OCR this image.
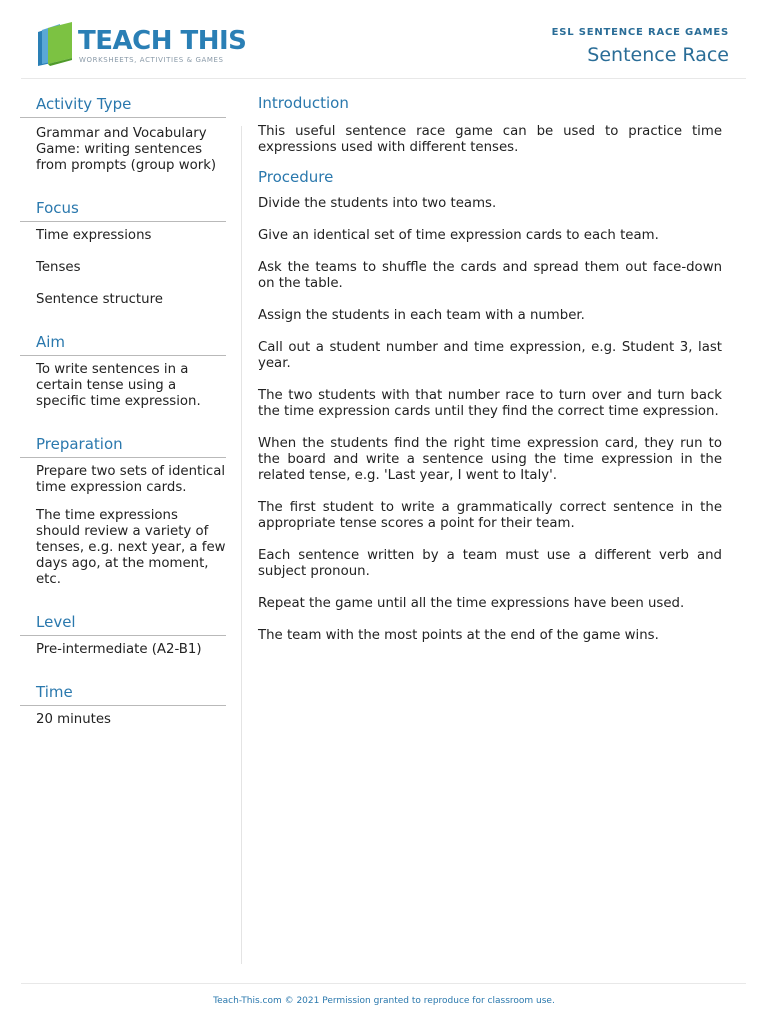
TEACH THIS
WORKSHEETS, ACTIVITIES & GAMES
ESL SENTENCE RACE GAMES
Sentence Race
Activity Type

Grammar and Vocabulary Game: writing sentences from prompts (group work)

Focus

Time expressions

Tenses

Sentence structure

Aim

To write sentences in a certain tense using a specific time expression.

Preparation

Prepare two sets of identical time expression cards.

The time expressions should review a variety of tenses, e.g. next year, a few days ago, at the moment, etc.

Level

Pre-intermediate (A2-B1)

Time

20 minutes

Introduction

This useful sentence race game can be used to practice time expressions used with different tenses.

Procedure

Divide the students into two teams.

Give an identical set of time expression cards to each team.

Ask the teams to shuffle the cards and spread them out face-down on the table.

Assign the students in each team with a number.

Call out a student number and time expression, e.g. Student 3, last year.

The two students with that number race to turn over and turn back the time expression cards until they find the correct time expression.

When the students find the right time expression card, they run to the board and write a sentence using the time expression in the related tense, e.g. 'Last year, I went to Italy'.

The first student to write a grammatically correct sentence in the appropriate tense scores a point for their team.

Each sentence written by a team must use a different verb and subject pronoun.

Repeat the game until all the time expressions have been used.

The team with the most points at the end of the game wins.

Teach-This.com © 2021 Permission granted to reproduce for classroom use.
